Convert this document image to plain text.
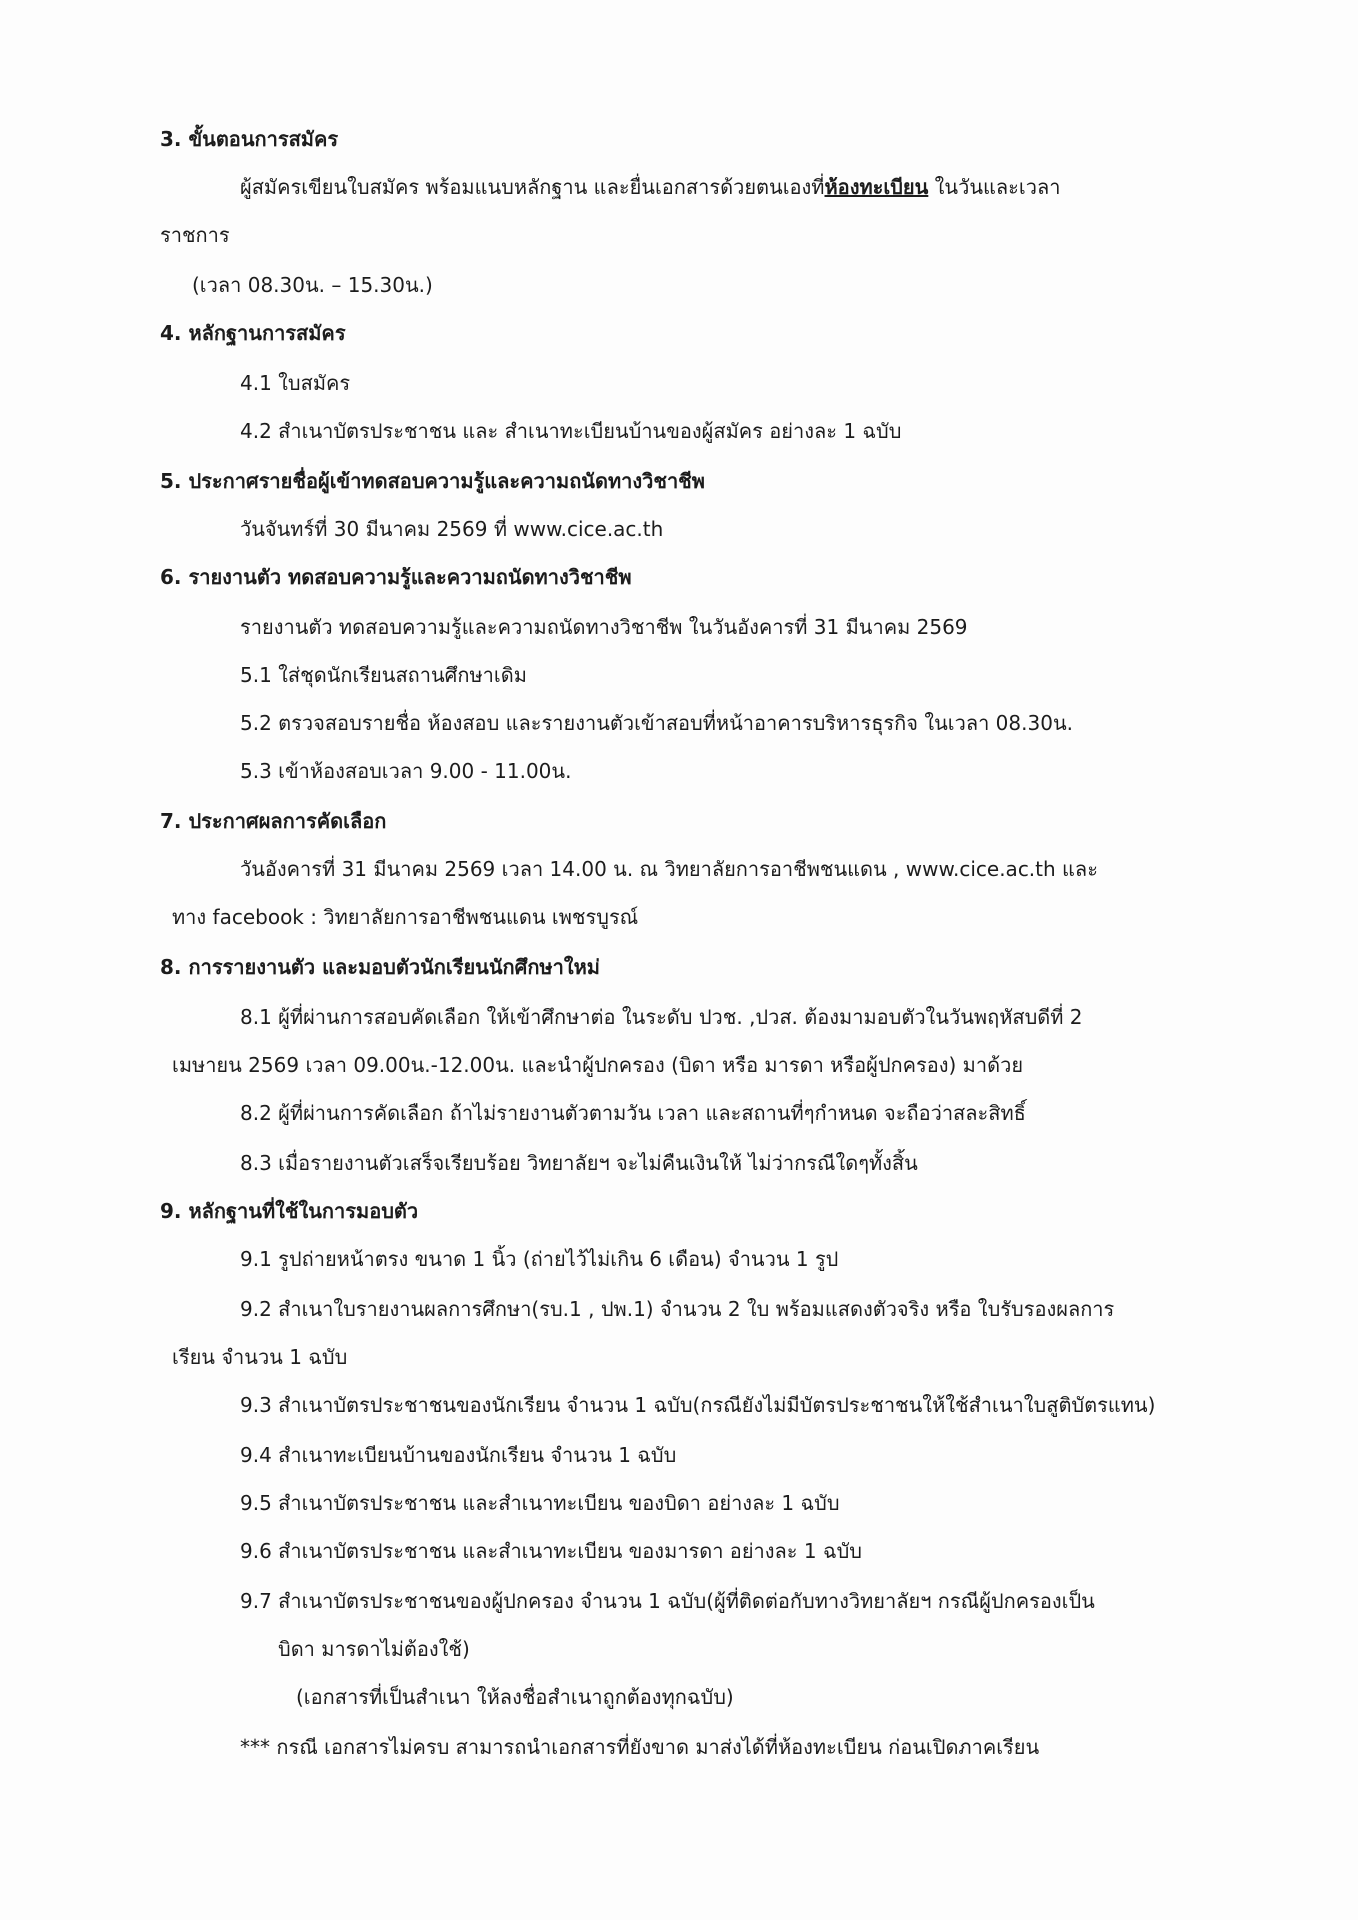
3. ขั้นตอนการสมัคร
ผู้สมัครเขียนใบสมัคร พร้อมแนบหลักฐาน และยื่นเอกสารด้วยตนเองที่ห้องทะเบียน ในวันและเวลา
ราชการ
(เวลา 08.30น. – 15.30น.)
4. หลักฐานการสมัคร
4.1 ใบสมัคร
4.2 สำเนาบัตรประชาชน และ สำเนาทะเบียนบ้านของผู้สมัคร อย่างละ 1 ฉบับ
5. ประกาศรายชื่อผู้เข้าทดสอบความรู้และความถนัดทางวิชาชีพ
วันจันทร์ที่ 30 มีนาคม 2569 ที่ www.cice.ac.th
6. รายงานตัว ทดสอบความรู้และความถนัดทางวิชาชีพ
รายงานตัว ทดสอบความรู้และความถนัดทางวิชาชีพ ในวันอังคารที่ 31 มีนาคม 2569
5.1 ใส่ชุดนักเรียนสถานศึกษาเดิม
5.2 ตรวจสอบรายชื่อ ห้องสอบ และรายงานตัวเข้าสอบที่หน้าอาคารบริหารธุรกิจ ในเวลา 08.30น.
5.3 เข้าห้องสอบเวลา 9.00 - 11.00น.
7. ประกาศผลการคัดเลือก
วันอังคารที่ 31 มีนาคม 2569 เวลา 14.00 น. ณ วิทยาลัยการอาชีพชนแดน , www.cice.ac.th และ
ทาง facebook : วิทยาลัยการอาชีพชนแดน เพชรบูรณ์
8. การรายงานตัว และมอบตัวนักเรียนนักศึกษาใหม่
8.1 ผู้ที่ผ่านการสอบคัดเลือก ให้เข้าศึกษาต่อ ในระดับ ปวช. ,ปวส. ต้องมามอบตัวในวันพฤหัสบดีที่ 2
เมษายน 2569 เวลา 09.00น.-12.00น. และนำผู้ปกครอง (บิดา หรือ มารดา หรือผู้ปกครอง) มาด้วย
8.2 ผู้ที่ผ่านการคัดเลือก ถ้าไม่รายงานตัวตามวัน เวลา และสถานที่ๆกำหนด จะถือว่าสละสิทธิ์
8.3 เมื่อรายงานตัวเสร็จเรียบร้อย วิทยาลัยฯ จะไม่คืนเงินให้ ไม่ว่ากรณีใดๆทั้งสิ้น
9. หลักฐานที่ใช้ในการมอบตัว
9.1 รูปถ่ายหน้าตรง ขนาด 1 นิ้ว (ถ่ายไว้ไม่เกิน 6 เดือน) จำนวน 1 รูป
9.2 สำเนาใบรายงานผลการศึกษา(รบ.1 , ปพ.1) จำนวน 2 ใบ พร้อมแสดงตัวจริง หรือ ใบรับรองผลการ
เรียน จำนวน 1 ฉบับ
9.3 สำเนาบัตรประชาชนของนักเรียน จำนวน 1 ฉบับ(กรณียังไม่มีบัตรประชาชนให้ใช้สำเนาใบสูติบัตรแทน)
9.4 สำเนาทะเบียนบ้านของนักเรียน จำนวน 1 ฉบับ
9.5 สำเนาบัตรประชาชน และสำเนาทะเบียน ของบิดา อย่างละ 1 ฉบับ
9.6 สำเนาบัตรประชาชน และสำเนาทะเบียน ของมารดา อย่างละ 1 ฉบับ
9.7 สำเนาบัตรประชาชนของผู้ปกครอง จำนวน 1 ฉบับ(ผู้ที่ติดต่อกับทางวิทยาลัยฯ กรณีผู้ปกครองเป็น
บิดา มารดาไม่ต้องใช้)
(เอกสารที่เป็นสำเนา ให้ลงชื่อสำเนาถูกต้องทุกฉบับ)
*** กรณี เอกสารไม่ครบ สามารถนำเอกสารที่ยังขาด มาส่งได้ที่ห้องทะเบียน ก่อนเปิดภาคเรียน
